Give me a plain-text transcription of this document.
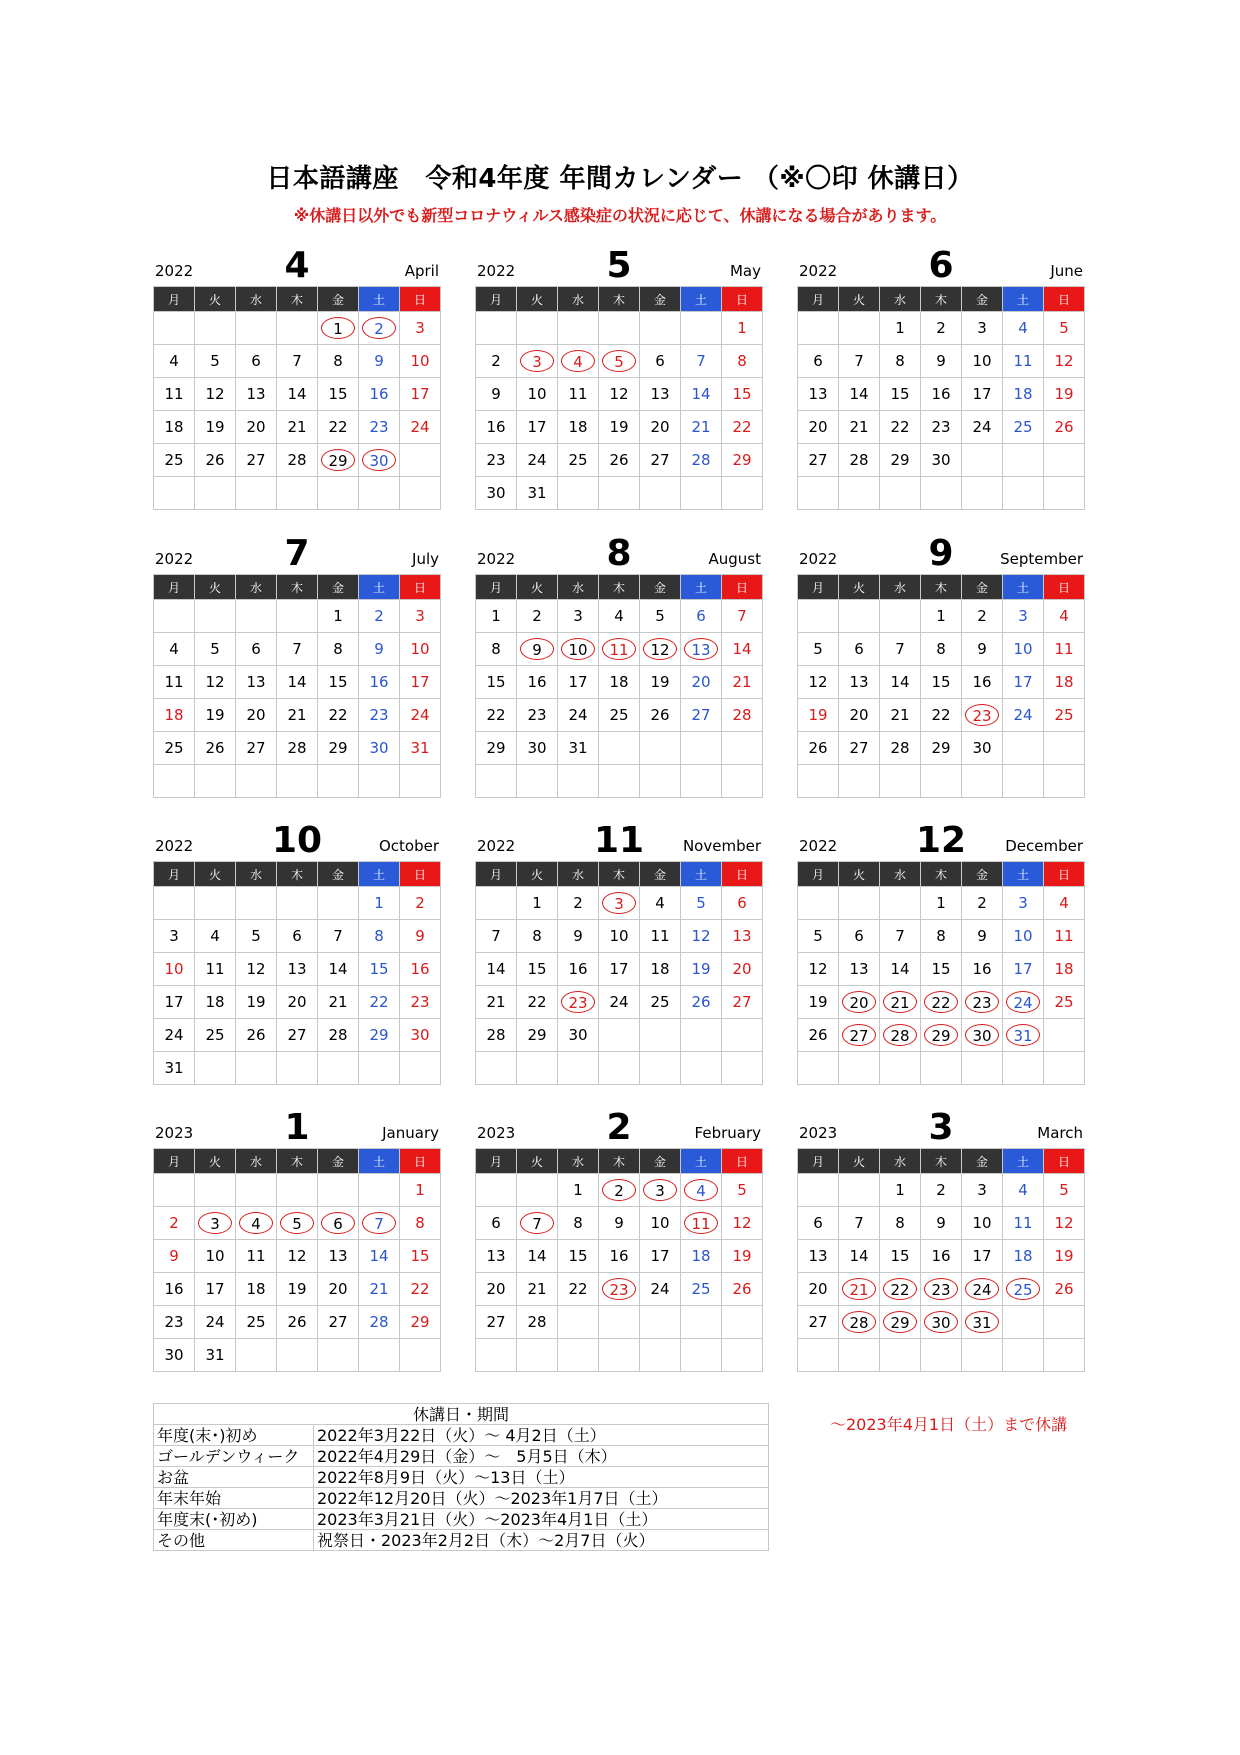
日本語講座　令和4年度 年間カレンダー （※〇印 休講日）
※休講日以外でも新型コロナウィルス感染症の状況に応じて、休講になる場合があります。
2022	4	April
月	火	水	木	金	土	日
				1	2	3
4	5	6	7	8	9	10
11	12	13	14	15	16	17
18	19	20	21	22	23	24
25	26	27	28	29	30	

2022	5	May
月	火	水	木	金	土	日
						1
2	3	4	5	6	7	8
9	10	11	12	13	14	15
16	17	18	19	20	21	22
23	24	25	26	27	28	29
30	31					
2022	6	June
月	火	水	木	金	土	日
		1	2	3	4	5
6	7	8	9	10	11	12
13	14	15	16	17	18	19
20	21	22	23	24	25	26
27	28	29	30			

2022	7	July
月	火	水	木	金	土	日
				1	2	3
4	5	6	7	8	9	10
11	12	13	14	15	16	17
18	19	20	21	22	23	24
25	26	27	28	29	30	31

2022	8	August
月	火	水	木	金	土	日
1	2	3	4	5	6	7
8	9	10	11	12	13	14
15	16	17	18	19	20	21
22	23	24	25	26	27	28
29	30	31				

2022	9	September
月	火	水	木	金	土	日
			1	2	3	4
5	6	7	8	9	10	11
12	13	14	15	16	17	18
19	20	21	22	23	24	25
26	27	28	29	30		

2022	10	October
月	火	水	木	金	土	日
					1	2
3	4	5	6	7	8	9
10	11	12	13	14	15	16
17	18	19	20	21	22	23
24	25	26	27	28	29	30
31						
2022	11	November
月	火	水	木	金	土	日
	1	2	3	4	5	6
7	8	9	10	11	12	13
14	15	16	17	18	19	20
21	22	23	24	25	26	27
28	29	30				

2022	12	December
月	火	水	木	金	土	日
			1	2	3	4
5	6	7	8	9	10	11
12	13	14	15	16	17	18
19	20	21	22	23	24	25
26	27	28	29	30	31	

2023	1	January
月	火	水	木	金	土	日
						1
2	3	4	5	6	7	8
9	10	11	12	13	14	15
16	17	18	19	20	21	22
23	24	25	26	27	28	29
30	31					
2023	2	February
月	火	水	木	金	土	日
		1	2	3	4	5
6	7	8	9	10	11	12
13	14	15	16	17	18	19
20	21	22	23	24	25	26
27	28					

2023	3	March
月	火	水	木	金	土	日
		1	2	3	4	5
6	7	8	9	10	11	12
13	14	15	16	17	18	19
20	21	22	23	24	25	26
27	28	29	30	31		

休講日・期間	
年度(末･)初め	2022年3月22日（火）～ 4月2日（土）
ゴールデンウィーク	2022年4月29日（金）～　5月5日（木）
お盆	2022年8月9日（火）～13日（土）
年末年始	2022年12月20日（火）～2023年1月7日（土）
年度末(･初め)	2023年3月21日（火）～2023年4月1日（土）
その他	祝祭日・2023年2月2日（木）～2月7日（火）
～2023年4月1日（土）まで休講
